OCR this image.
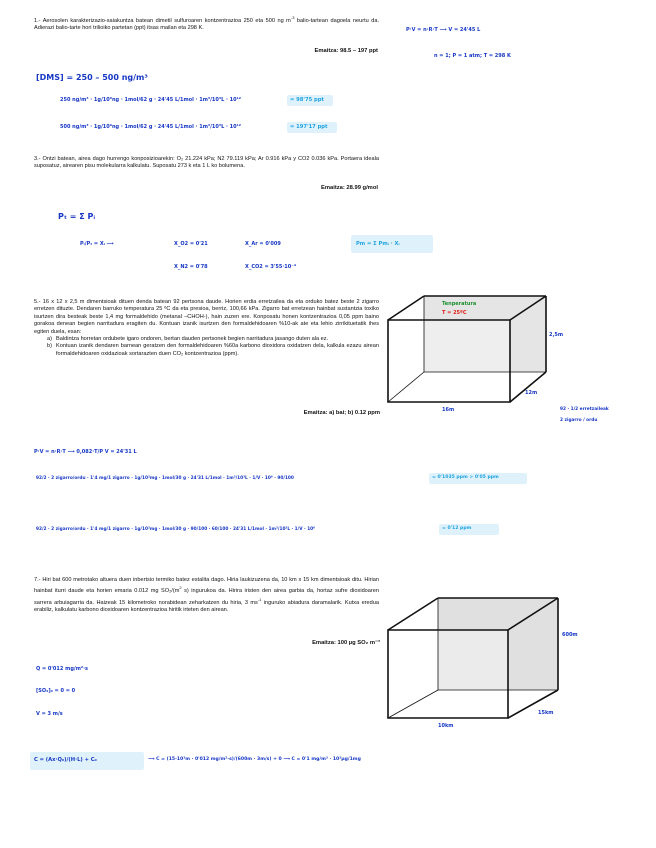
1.- Aerosolen karakterizazio-saiakuntza batean dimetil sulfuroaren kontzentrazioa 250 eta 500 ng $m^{-3}$ balio-tartean dagoela neurtu da. Adierazi balio-tarte hori trilioiko partetan (ppt) itsas mailan eta 298 K.
Emaitza: 98.5 – 197 ppt
P·V = n·R·T ⟶ V = 24'45 L
n = 1; P = 1 atm; T = 298 K
[DMS] = 250 – 500 ng/m³
250 ng/m³ · 1g/10⁹ng · 1mol/62 g · 24'45 L/1mol · 1m³/10³L · 10¹²	= 98'75 ppt
500 ng/m³ · 1g/10⁹ng · 1mol/62 g · 24'45 L/1mol · 1m³/10³L · 10¹²	= 197'17 ppt
3.- Ontzi batean, airea dago hurrengo konposizioarekin: O₂ 21.224 kPa; N2 79.119 kPa; Ar 0.916 kPa y CO2 0.036 kPa. Portaera ideala suposatuz, airearen pisu molekularra kalkulatu. Suposatu 273 k eta 1 L ko bolumena.
Emaitza: 28.99 g/mol
Pₜ = Σ Pᵢ
Pᵢ/Pₜ = Xᵢ ⟶	X_O2 = 0'21
X_N2 = 0'78
X_Ar = 0'009
X_CO2 = 3'55·10⁻⁴
Pm = Σ Pmᵢ · Xᵢ
5.- 16 x 12 x 2,5 m dimentsioak dituen denda batean 92 pertsona daude. Horien erdia erretzailea da eta orduko batez beste 2 zigarro erretzen dituzte. Dendaren barruko temperatura 25 ºC da eta presioa, berriz, 100,66 kPa. Zigarro bat erretzean hainbat sustantzia toxiko isurtzen dira besteak beste 1,4 mg formaldehido (metanal –CHOH-), hain zuzen ere. Konposatu honen kontzentrazioa 0,05 ppm baino gorakoa denean begien narritadura eragiten du. Kontuan izanik isurtzen den formaldehidoaren %10-ak ate eta lehio zirrikituetatik ihes egiten duela, esan:
a) Baldintza horretan ordubete igaro ondoren, bertan dauden pertsonek begien narritadura jasango duten ala ez.
b) Kontuan izanik dendaren barnean geratzen den formaldehidoaren %60a karbono dioxidora oxidatzen dela, kalkula ezazu airean formaldehidoaren oxidazioak sortarazten duen CO₂ kontzentrazioa (ppm).
Emaitza: a) bai; b) 0.12 ppm
Tenperatura
T = 25ºC
2,5m
16m
12m
92 · 1/2 erretzaileak
2 zigarro / ordu
P·V = n·R·T ⟶ 0,082·T/P V = 24'31 L
92/2 · 2 zigarro/ordu · 1'4 mg/1 zigarro · 1g/10³mg · 1mol/30 g · 24'31 L/1mol · 1m³/10³L · 1/V · 10⁶ · 90/100	= 0'1035 ppm > 0'05 ppm
92/2 · 2 zigarro/ordu · 1'4 mg/1 zigarro · 1g/10³mg · 1mol/30 g · 90/100 · 60/100 · 24'31 L/1mol · 1m³/10³L · 1/V · 10⁶	= 0'12 ppm
7.- Hiri bat 600 metrotako altuera duen inbertsio termiko batez estalita dago. Hiria laukizuzena da, 10 km x 15 km dimentsioak ditu. Hirian hainbat iturri daude eta horien emaria 0.012 mg SO₂/($m^2$ s) ingurukoa da. Hirira iristen den airea garbia da, hortaz sufre dioxidoaren sarrera arbuiagarria da. Haizeak 15 kilometroko norabidean zeharkatzen du hiria, 3 $ms^{-1}$ inguruko abiadura daramalarik. Kutxa eredua erabiliz, kalkulatu karbono dioxidoaren kontzentrazioa hiritik irteten den airean.
Emaitza: 100 µg SO₂ m⁻³
Q = 0'012 mg/m²·s
[SO₂]₀ = 0 = 0
V = 3 m/s
600m
10km
15km
C = (Ax·Q₀)/(H·L) + C₀	⟶ C = (15·10³m · 0'012 mg/m²·s)/(600m · 3m/s) + 0 ⟶ C = 0'1 mg/m³ · 10³µg/1mg
